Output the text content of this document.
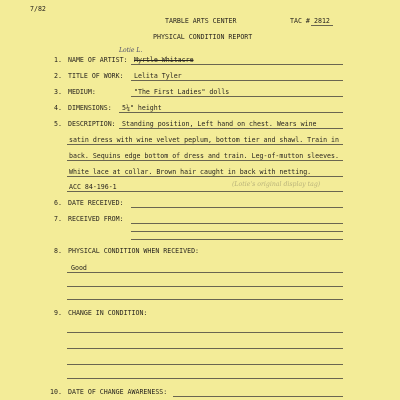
7/82
TARBLE ARTS CENTER	TAC # 2812
PHYSICAL CONDITION REPORT
Lotie L.
1. NAME OF ARTIST: Myrtle Whitacre
2. TITLE OF WORK: Lelita Tyler
3. MEDIUM:	"The First Ladies" dolls
4. DIMENSIONS: 5¼" height
5. DESCRIPTION: Standing position, Left hand on chest. Wears wine
satin dress with wine velvet peplum, bottom tier and shawl. Train in
back. Sequins edge bottom of dress and train. Leg-of-mutton sleeves.
White lace at collar. Brown hair caught in back with netting.
ACC 84-196-1	(Lotie's original display tag)
6. DATE RECEIVED:
7. RECEIVED FROM:
8. PHYSICAL CONDITION WHEN RECEIVED:
Good
9. CHANGE IN CONDITION:
10. DATE OF CHANGE AWARENESS:
